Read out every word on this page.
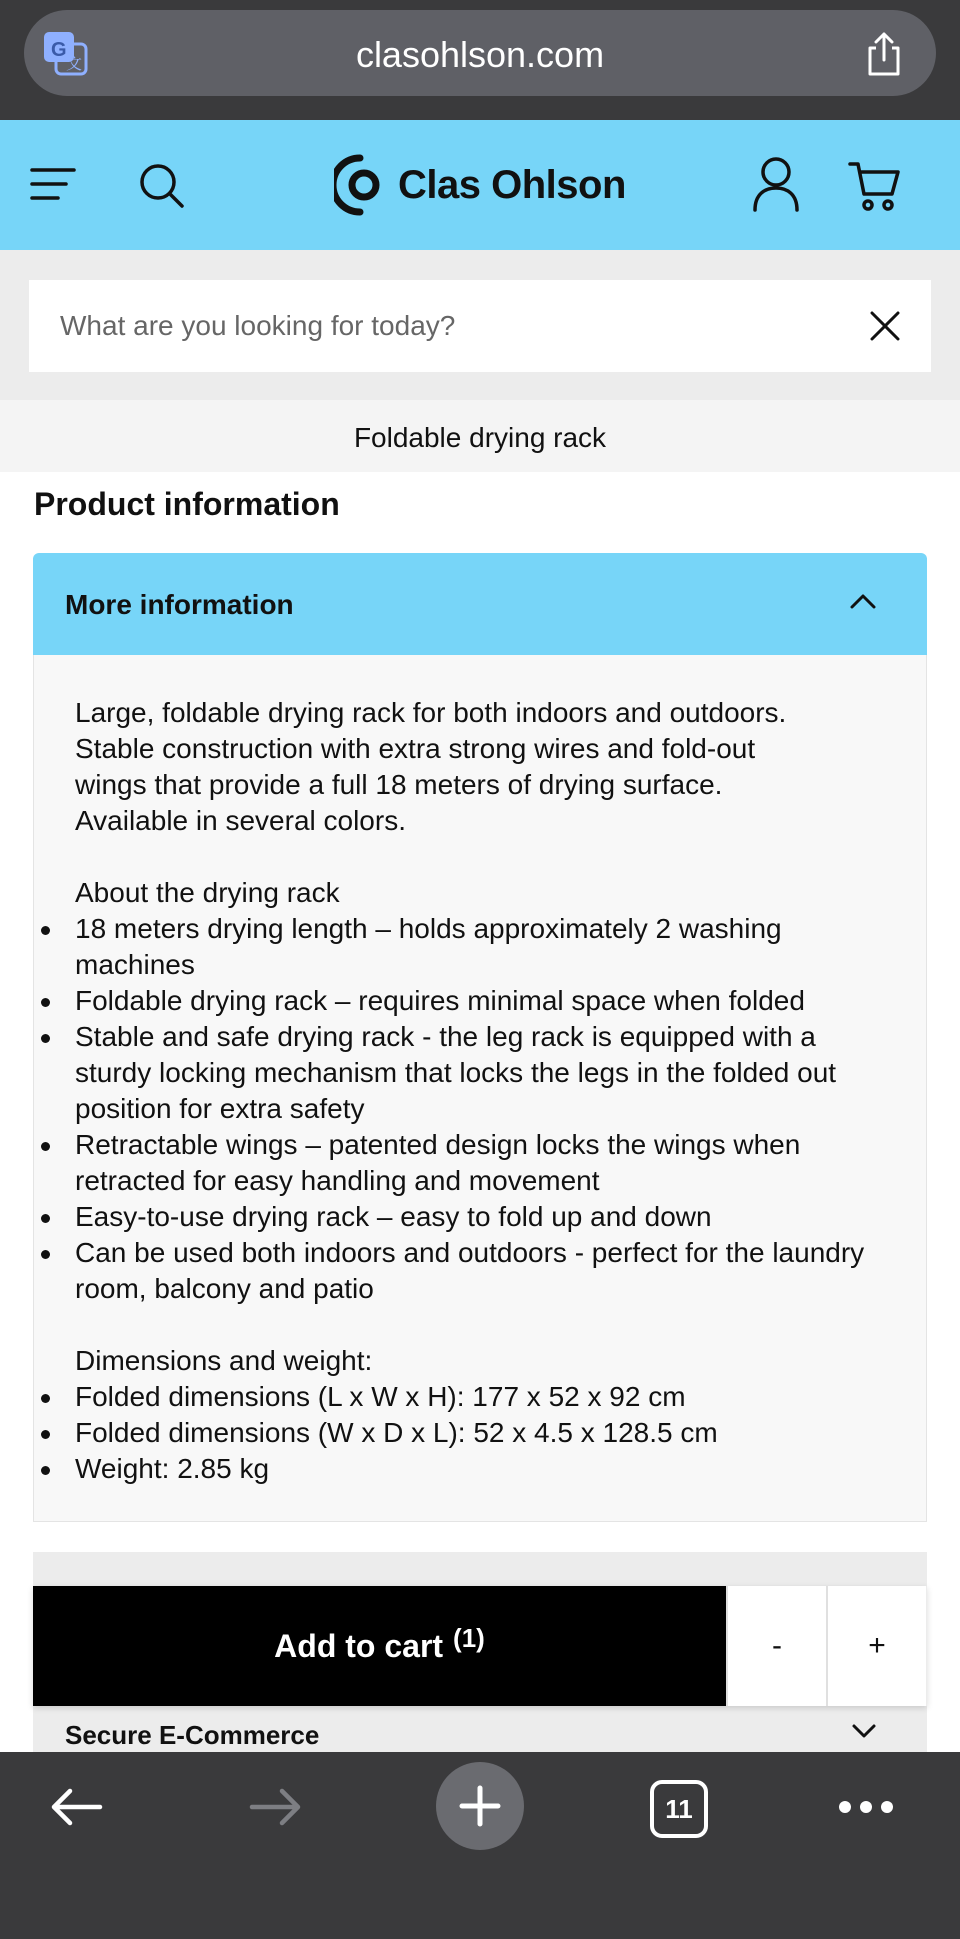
G
文	clasohlson.com
Clas Ohlson
What are you looking for today?
Foldable drying rack
Product information
More information

Large, foldable drying rack for both indoors and outdoors.

Stable construction with extra strong wires and fold-out

wings that provide a full 18 meters of drying surface.

Available in several colors.

About the drying rack

18 meters drying length – holds approximately 2 washing machines
Foldable drying rack – requires minimal space when folded
Stable and safe drying rack - the leg rack is equipped with a sturdy locking mechanism that locks the legs in the folded out position for extra safety
Retractable wings – patented design locks the wings when retracted for easy handling and movement
Easy-to-use drying rack – easy to fold up and down
Can be used both indoors and outdoors - perfect for the laundry room, balcony and patio

Dimensions and weight:

Folded dimensions (L x W x H): 177 x 52 x 92 cm
Folded dimensions (W x D x L): 52 x 4.5 x 128.5 cm
Weight: 2.85 kg
Secure E-Commerce
Add to cart (1)	-	+
11
